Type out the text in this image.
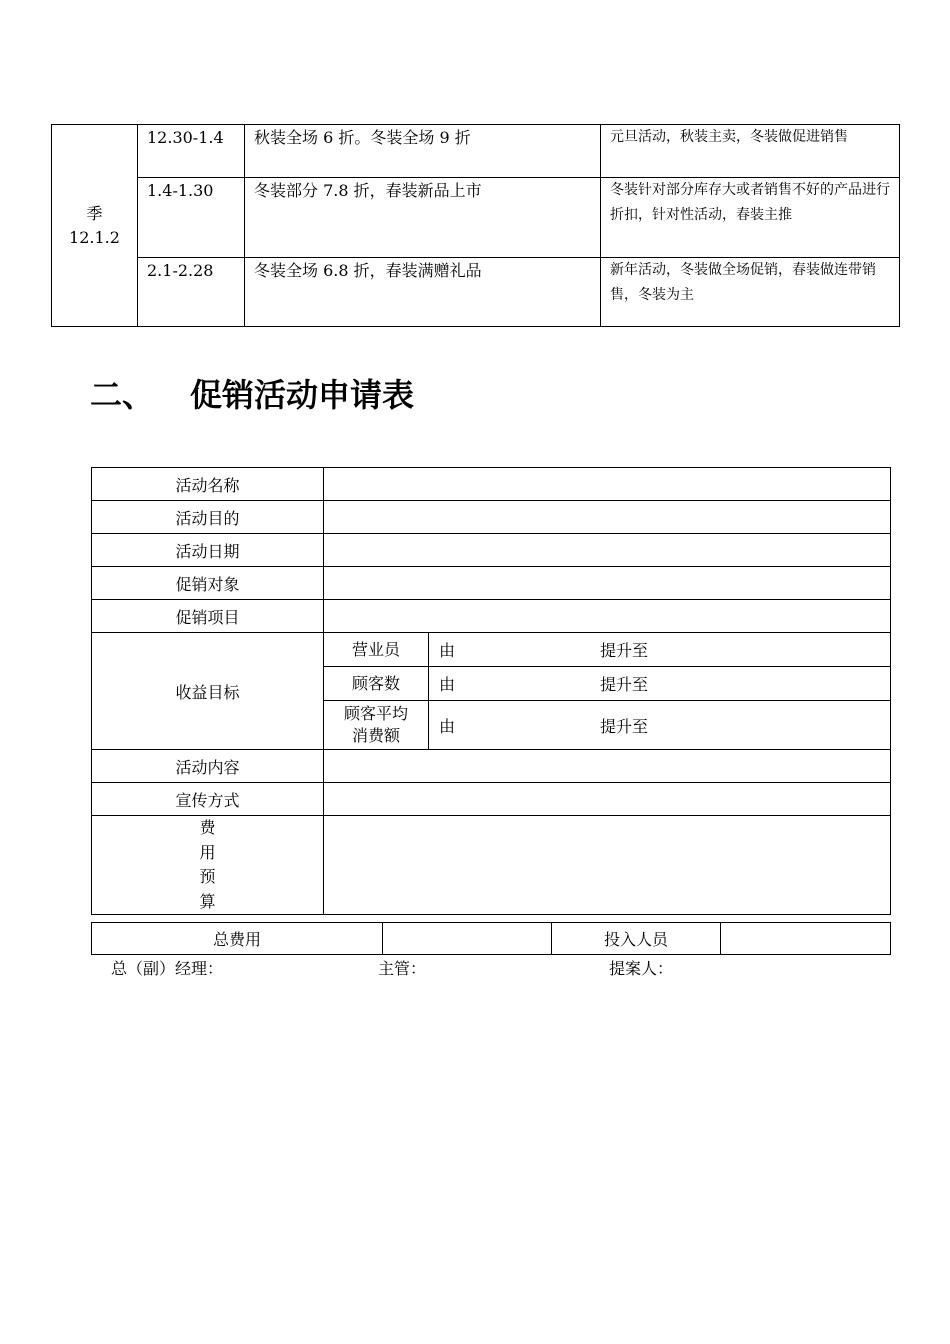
季
12.1.2	12.30-1.4	秋装全场 6 折。冬装全场 9 折	元旦活动，秋装主卖，冬装做促进销售
	1.4-1.30	冬装部分 7.8 折，春装新品上市	冬装针对部分库存大或者销售不好的产品进行折扣，针对性活动，春装主推
	2.1-2.28	冬装全场 6.8 折，春装满赠礼品	新年活动，冬装做全场促销，春装做连带销售，冬装为主
二、 促销活动申请表
活动名称		
活动目的		
活动日期		
促销对象		
促销项目		
收益目标	营业员	由 提升至
	顾客数	由 提升至

	顾客平均
消费额	由 提升至
活动内容		
宣传方式		

费
用
预
算		

总费用		投入人员	
总（副）经理：	主管：	提案人：
